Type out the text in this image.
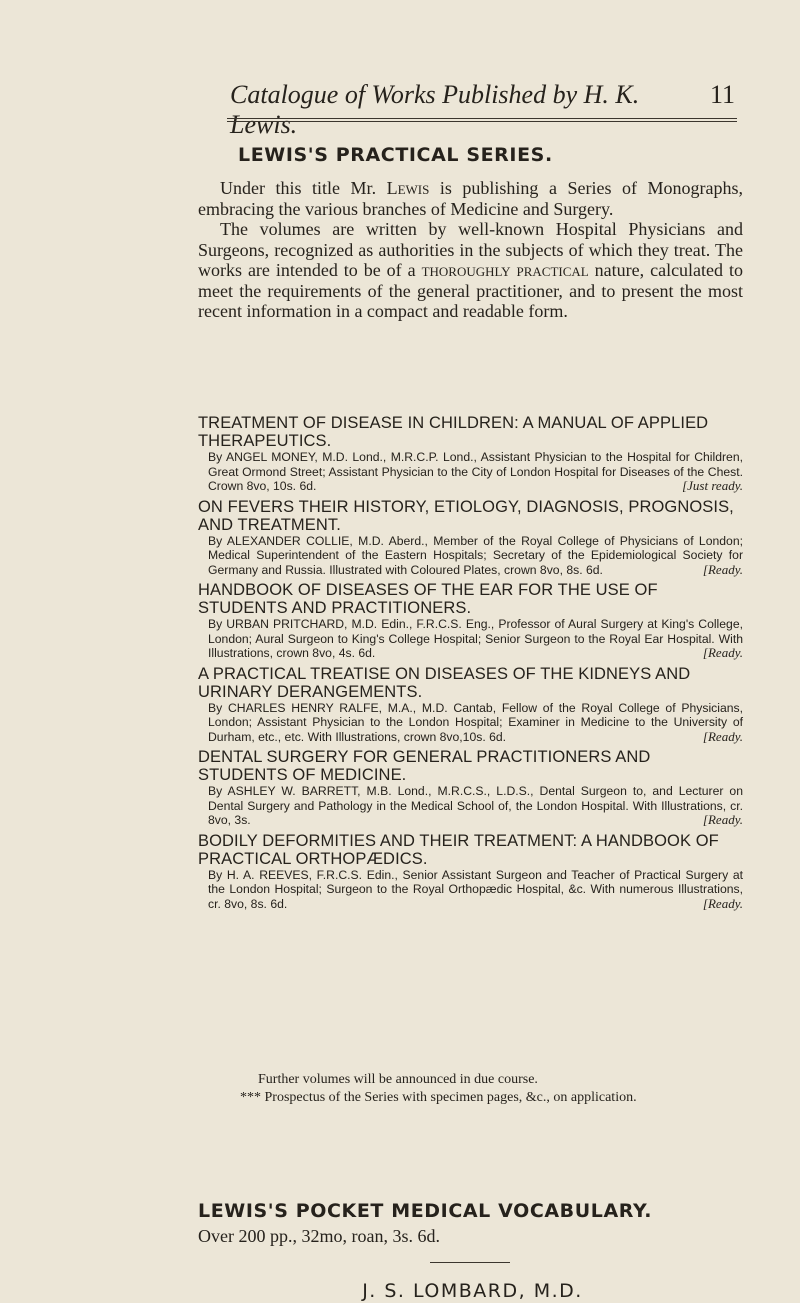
Catalogue of Works Published by H. K. Lewis.
11
LEWIS'S PRACTICAL SERIES.

Under this title Mr. Lewis is publishing a Series of Monographs, embracing the various branches of Medicine and Surgery.

The volumes are written by well-known Hospital Physicians and Surgeons, recognized as authorities in the subjects of which they treat. The works are intended to be of a thoroughly practical nature, calculated to meet the requirements of the general practitioner, and to present the most recent information in a compact and readable form.

TREATMENT OF DISEASE IN CHILDREN: A MANUAL OF APPLIED THERAPEUTICS.
By ANGEL MONEY, M.D. Lond., M.R.C.P. Lond., Assistant Physician to the Hospital for Children, Great Ormond Street; Assistant Physician to the City of London Hospital for Diseases of the Chest. Crown 8vo, 10s. 6d.	[Just ready.
ON FEVERS THEIR HISTORY, ETIOLOGY, DIAGNOSIS, PROGNOSIS, AND TREATMENT.
By ALEXANDER COLLIE, M.D. Aberd., Member of the Royal College of Physicians of London; Medical Superintendent of the Eastern Hospitals; Secretary of the Epidemiological Society for Germany and Russia. Illustrated with Coloured Plates, crown 8vo, 8s. 6d.	[Ready.
HANDBOOK OF DISEASES OF THE EAR FOR THE USE OF STUDENTS AND PRACTITIONERS.
By URBAN PRITCHARD, M.D. Edin., F.R.C.S. Eng., Professor of Aural Surgery at King's College, London; Aural Surgeon to King's College Hospital; Senior Surgeon to the Royal Ear Hospital. With Illustrations, crown 8vo, 4s. 6d.	[Ready.
A PRACTICAL TREATISE ON DISEASES OF THE KIDNEYS AND URINARY DERANGEMENTS.
By CHARLES HENRY RALFE, M.A., M.D. Cantab, Fellow of the Royal College of Physicians, London; Assistant Physician to the London Hospital; Examiner in Medicine to the University of Durham, etc., etc. With Illustrations, crown 8vo,10s. 6d.	[Ready.
DENTAL SURGERY FOR GENERAL PRACTITIONERS AND STUDENTS OF MEDICINE.
By ASHLEY W. BARRETT, M.B. Lond., M.R.C.S., L.D.S., Dental Surgeon to, and Lecturer on Dental Surgery and Pathology in the Medical School of, the London Hospital. With Illustrations, cr. 8vo, 3s.	[Ready.
BODILY DEFORMITIES AND THEIR TREATMENT: A HANDBOOK OF PRACTICAL ORTHOPÆDICS.
By H. A. REEVES, F.R.C.S. Edin., Senior Assistant Surgeon and Teacher of Practical Surgery at the London Hospital; Surgeon to the Royal Orthopædic Hospital, &c. With numerous Illustrations, cr. 8vo, 8s. 6d.	[Ready.

Further volumes will be announced in due course.

*** Prospectus of the Series with specimen pages, &c., on application.

LEWIS'S POCKET MEDICAL VOCABULARY.
Over 200 pp., 32mo, roan, 3s. 6d.
J. S. LOMBARD, M.D.
